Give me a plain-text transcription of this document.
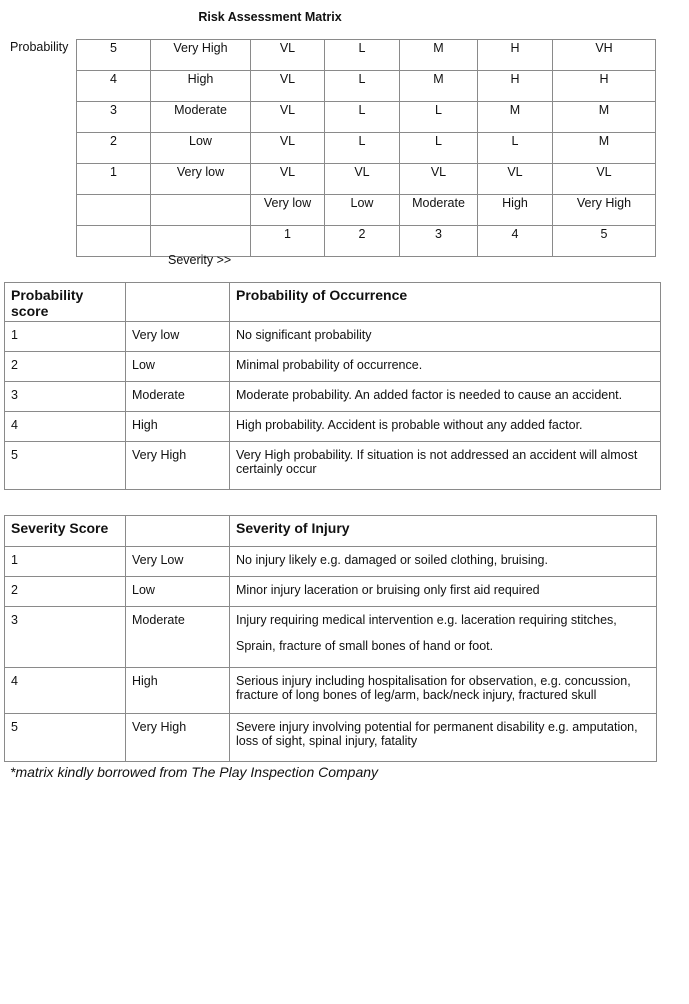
Risk Assessment Matrix
Probability	5	Very High	VL	L	M	H	VH
4	High	VL	L	M	H	H
3	Moderate	VL	L	L	M	M
2	Low	VL	L	L	L	M
1	Very low	VL	VL	VL	VL	VL
		Very low	Low	Moderate	High	Very High
		1	2	3	4	5
Severity >>
Probability score		Probability of Occurrence
1	Very low	No significant probability

2	Low	Minimal probability of occurrence.

3	Moderate	Moderate probability. An added factor is needed to cause an accident.

4	High	High probability. Accident is probable without any added factor.

5	Very High	Very High probability. If situation is not addressed an accident will almost certainly occur
Severity Score		Severity of Injury
1	Very Low	No injury likely e.g. damaged or soiled clothing, bruising.

2	Low	Minor injury laceration or bruising only first aid required

3	Moderate	Injury requiring medical intervention e.g. laceration requiring stitches,
Sprain, fracture of small bones of hand or foot.

4	High	Serious injury including hospitalisation for observation, e.g. concussion, fracture of long bones of leg/arm, back/neck injury, fractured skull

5	Very High	Severe injury involving potential for permanent disability e.g. amputation, loss of sight, spinal injury, fatality
*matrix kindly borrowed from The Play Inspection Company
